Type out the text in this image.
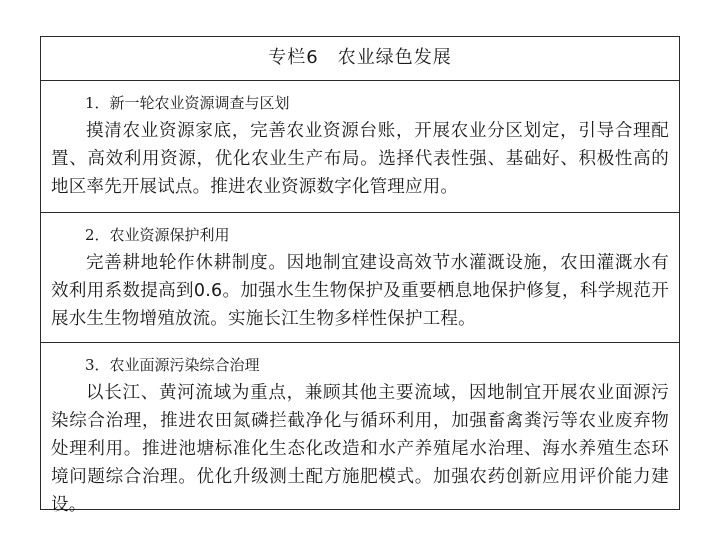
专栏6　农业绿色发展
1．新一轮农业资源调查与区划

摸清农业资源家底，完善农业资源台账，开展农业分区划定，引导合理配置、高效利用资源，优化农业生产布局。选择代表性强、基础好、积极性高的地区率先开展试点。推进农业资源数字化管理应用。

2．农业资源保护利用

完善耕地轮作休耕制度。因地制宜建设高效节水灌溉设施，农田灌溉水有效利用系数提高到0.6。加强水生生物保护及重要栖息地保护修复，科学规范开展水生生物增殖放流。实施长江生物多样性保护工程。

3．农业面源污染综合治理

以长江、黄河流域为重点，兼顾其他主要流域，因地制宜开展农业面源污染综合治理，推进农田氮磷拦截净化与循环利用，加强畜禽粪污等农业废弃物处理利用。推进池塘标准化生态化改造和水产养殖尾水治理、海水养殖生态环境问题综合治理。优化升级测土配方施肥模式。加强农药创新应用评价能力建设。
